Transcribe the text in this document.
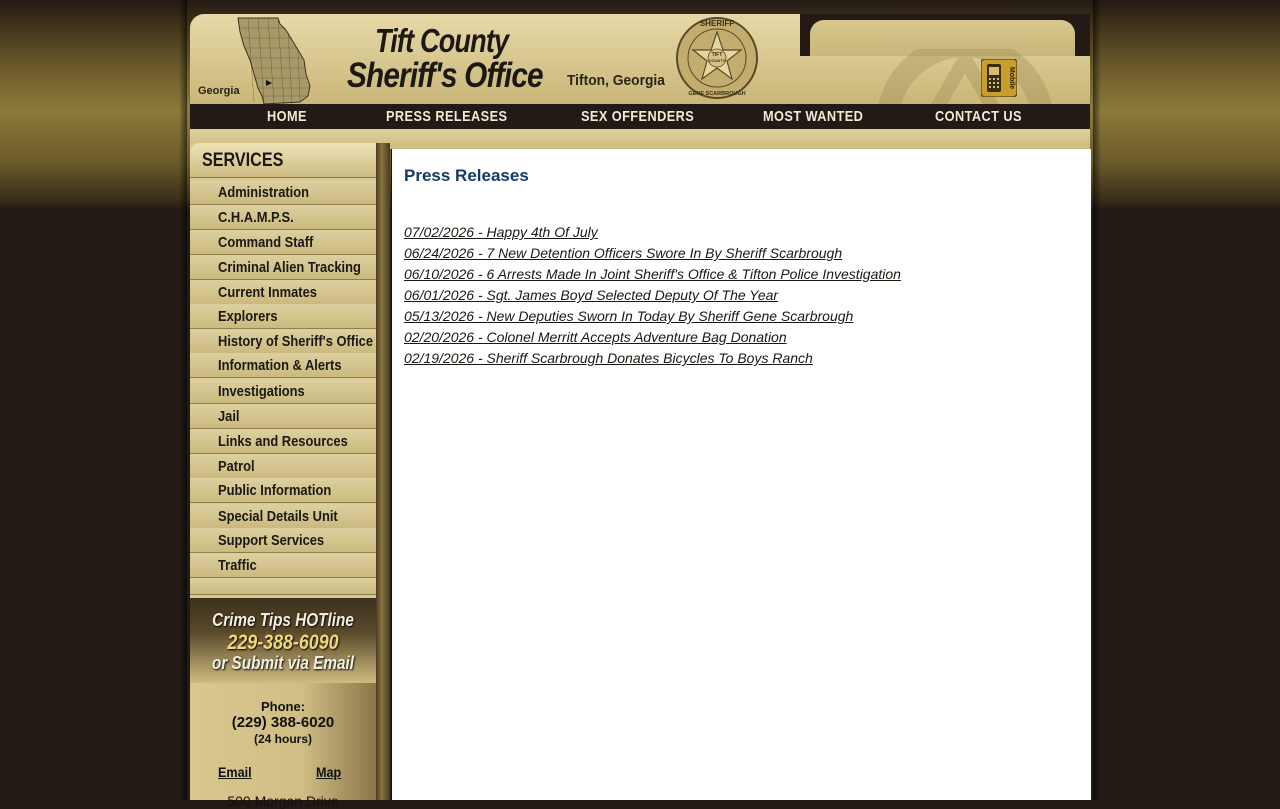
Georgia
Tift County
Sheriff's Office Tifton, Georgia
SHERIFF
TIFT
COUNTY
GENE SCARBROUGH
Mobile
HOME	PRESS RELEASES	SEX OFFENDERS	MOST WANTED	CONTACT US
SERVICES
Administration
C.H.A.M.P.S.
Command Staff
Criminal Alien Tracking
Current Inmates
Explorers
History of Sheriff's Office
Information & Alerts
Investigations
Jail
Links and Resources
Patrol
Public Information
Special Details Unit
Support Services
Traffic
Crime Tips HOTline
229-388-6090
or Submit via Email
Phone:
(229) 388-6020
(24 hours)
Email	Map
500 Morgan Drive
Press Releases
07/02/2026 - Happy 4th Of July
06/24/2026 - 7 New Detention Officers Swore In By Sheriff Scarbrough
06/10/2026 - 6 Arrests Made In Joint Sheriff's Office & Tifton Police Investigation
06/01/2026 - Sgt. James Boyd Selected Deputy Of The Year
05/13/2026 - New Deputies Sworn In Today By Sheriff Gene Scarbrough
02/20/2026 - Colonel Merritt Accepts Adventure Bag Donation
02/19/2026 - Sheriff Scarbrough Donates Bicycles To Boys Ranch
